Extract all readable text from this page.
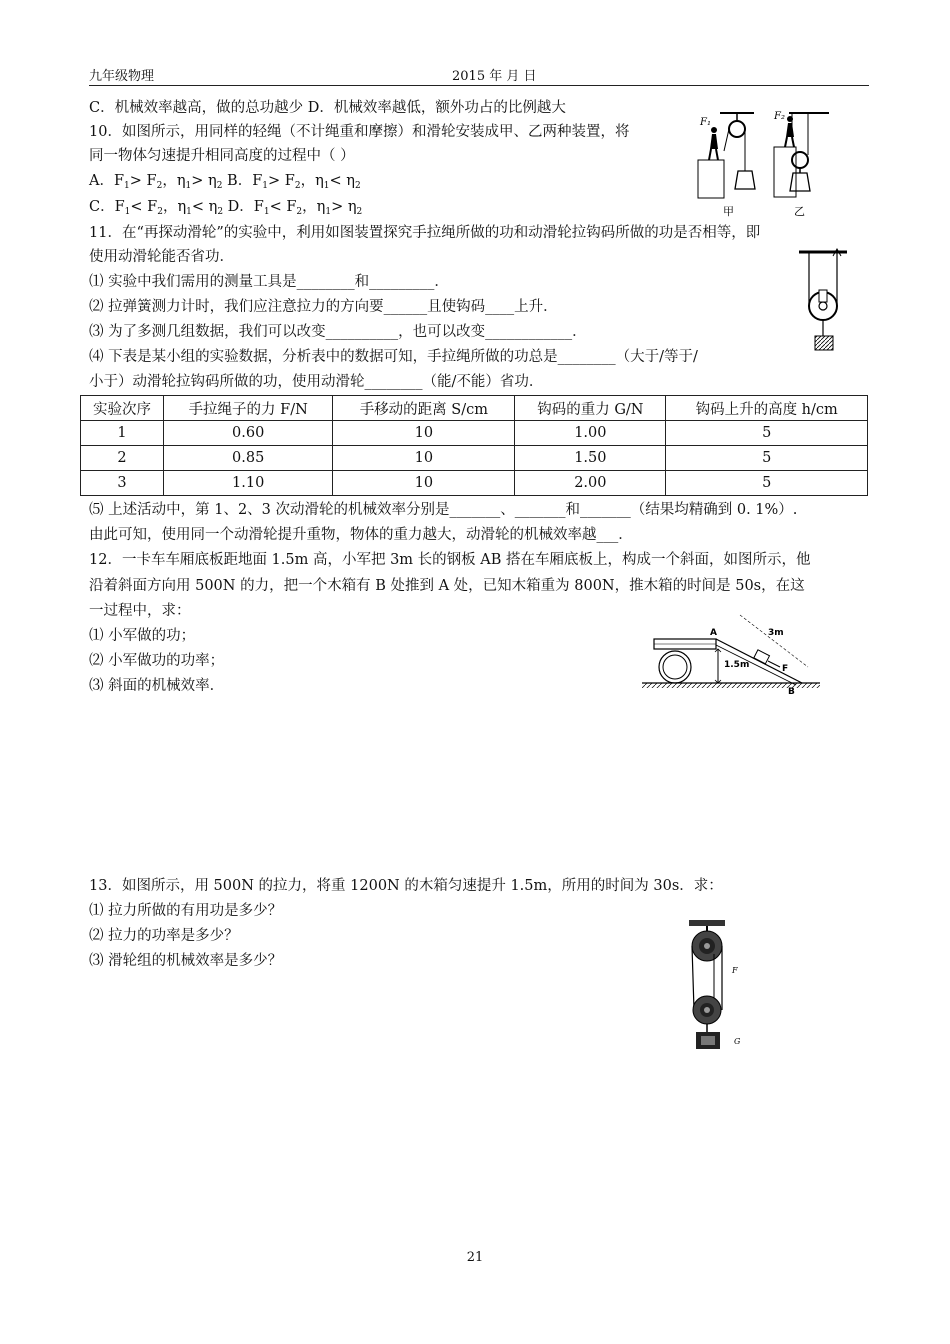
九年级物理	2015 年 月 日
C．机械效率越高，做的总功越少 D．机械效率越低，额外功占的比例越大
10．如图所示，用同样的轻绳（不计绳重和摩擦）和滑轮安装成甲、乙两种装置，将
同一物体匀速提升相同高度的过程中（ ）
A．$F_1> F_2$，$\eta_1> \eta_2$ B．$F_1> F_2$，$\eta_1< \eta_2$
C．$F_1< F_2$，$\eta_1< \eta_2$ D．$F_1< F_2$，$\eta_1> \eta_2$
11．在“再探动滑轮”的实验中，利用如图装置探究手拉绳所做的功和动滑轮拉钩码所做的功是否相等，即
使用动滑轮能否省功．
⑴ 实验中我们需用的测量工具是________和_________．
⑵ 拉弹簧测力计时，我们应注意拉力的方向要______且使钩码____上升．
⑶ 为了多测几组数据，我们可以改变__________，也可以改变____________．
⑷ 下表是某小组的实验数据，分析表中的数据可知，手拉绳所做的功总是________（大于/等于/
小于）动滑轮拉钩码所做的功，使用动滑轮________（能/不能）省功．
实验次序	手拉绳子的力 F/N	手移动的距离 S/cm	钩码的重力 G/N	钩码上升的高度 h/cm
1	0.60	10	1.00	5
2	0.85	10	1.50	5
3	1.10	10	2.00	5
⑸ 上述活动中，第 1、2、3 次动滑轮的机械效率分别是_______、_______和_______（结果均精确到 0. 1%）.
由此可知，使用同一个动滑轮提升重物，物体的重力越大，动滑轮的机械效率越___．
12．一卡车车厢底板距地面 1.5m 高，小军把 3m 长的钢板 AB 搭在车厢底板上，构成一个斜面，如图所示，他
沿着斜面方向用 500N 的力，把一个木箱有 B 处推到 A 处，已知木箱重为 800N，推木箱的时间是 50s，在这
一过程中，求：
⑴ 小军做的功；
⑵ 小军做功的功率；
⑶ 斜面的机械效率．
13．如图所示，用 500N 的拉力，将重 1200N 的木箱匀速提升 1.5m，所用的时间为 30s．求：
⑴ 拉力所做的有用功是多少？
⑵ 拉力的功率是多少？
⑶ 滑轮组的机械效率是多少？
F₁
甲
F₂
乙
A
B
3m
1.5m	F
F
G
21
